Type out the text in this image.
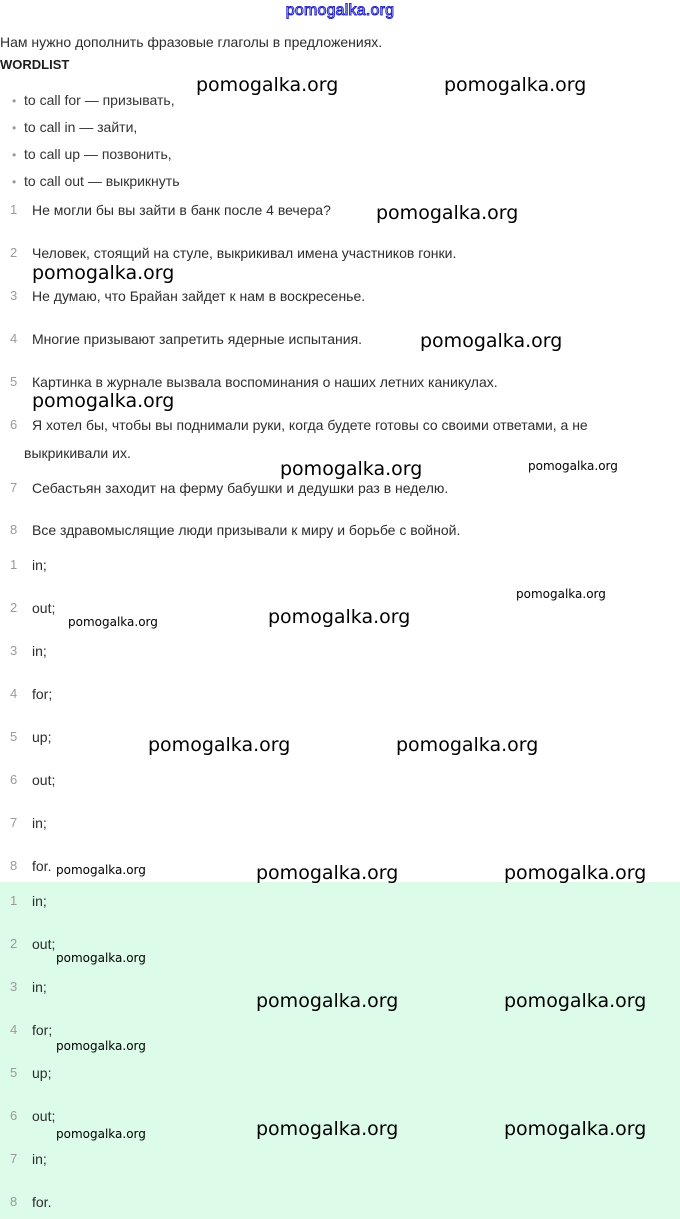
pomogalka.org
Нам нужно дополнить фразовые глаголы в предложениях.
WORDLIST
• to call for — призывать,
• to call in — зайти,
• to call up — позвонить,
• to call out — выкрикнуть
1	Не могли бы вы зайти в банк после 4 вечера?
2	Человек, стоящий на стуле, выкрикивал имена участников гонки.
3	Не думаю, что Брайан зайдет к нам в воскресенье.
4	Многие призывают запретить ядерные испытания.
5	Картинка в журнале вызвала воспоминания о наших летних каникулах.
6	Я хотел бы, чтобы вы поднимали руки, когда будете готовы со своими ответами, а не
выкрикивали их.
7	Себастьян заходит на ферму бабушки и дедушки раз в неделю.
8	Все здравомыслящие люди призывали к миру и борьбе с войной.
1	in;
2	out;
3	in;
4	for;
5	up;
6	out;
7	in;
8	for.
1	in;
2	out;
3	in;
4	for;
5	up;
6	out;
7	in;
8	for.
pomogalka.org	pomogalka.org
pomogalka.org
pomogalka.org
pomogalka.org
pomogalka.org
pomogalka.org	pomogalka.org
pomogalka.org
pomogalka.org	pomogalka.org
pomogalka.org	pomogalka.org
pomogalka.org	pomogalka.org	pomogalka.org
pomogalka.org
pomogalka.org	pomogalka.org
pomogalka.org
pomogalka.org	pomogalka.org	pomogalka.org
